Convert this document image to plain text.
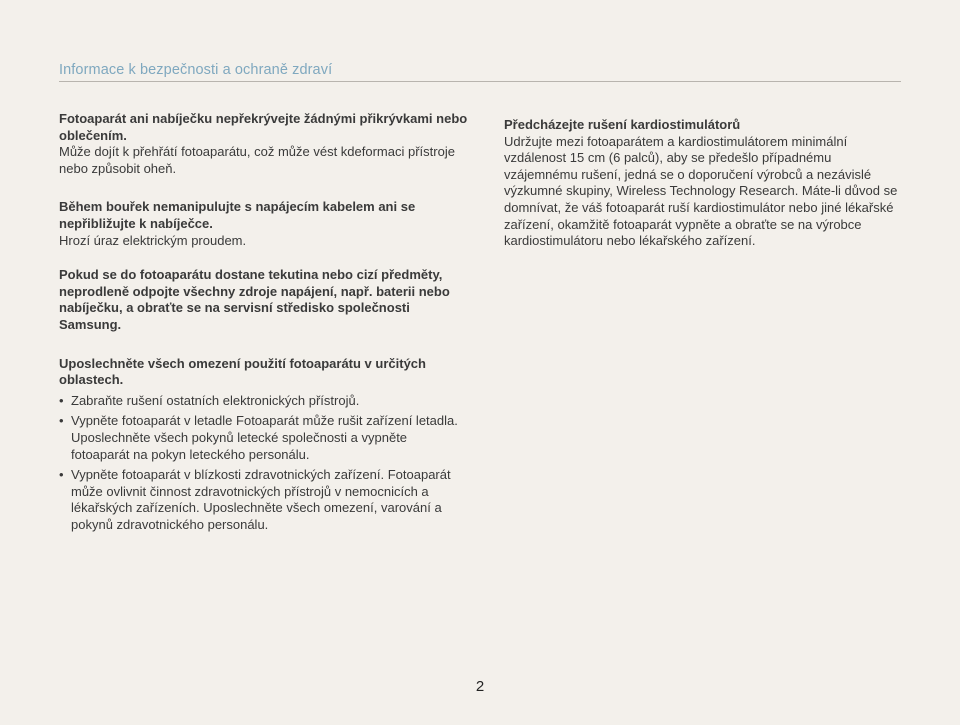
Informace k bezpečnosti a ochraně zdraví
Fotoaparát ani nabíječku nepřekrývejte žádnými přikrývkami nebo oblečením.
Může dojít k přehřátí fotoaparátu, což může vést kdeformaci přístroje nebo způsobit oheň.
Během bouřek nemanipulujte s napájecím kabelem ani se nepřibližujte k nabíječce.
Hrozí úraz elektrickým proudem.
Pokud se do fotoaparátu dostane tekutina nebo cizí předměty, neprodleně odpojte všechny zdroje napájení, např. baterii nebo nabíječku, a obraťte se na servisní středisko společnosti Samsung.
Uposlechněte všech omezení použití fotoaparátu v určitých oblastech.
• Zabraňte rušení ostatních elektronických přístrojů.
• Vypněte fotoaparát v letadle Fotoaparát může rušit zařízení letadla. Uposlechněte všech pokynů letecké společnosti a vypněte fotoaparát na pokyn leteckého personálu.
• Vypněte fotoaparát v blízkosti zdravotnických zařízení. Fotoaparát může ovlivnit činnost zdravotnických přístrojů v nemocnicích a lékařských zařízeních. Uposlechněte všech omezení, varování a pokynů zdravotnického personálu.
Předcházejte rušení kardiostimulátorů
Udržujte mezi fotoaparátem a kardiostimulátorem minimální vzdálenost 15 cm (6 palců), aby se předešlo případnému vzájemnému rušení, jedná se o doporučení výrobců a nezávislé výzkumné skupiny, Wireless Technology Research. Máte-li důvod se domnívat, že váš fotoaparát ruší kardiostimulátor nebo jiné lékařské zařízení, okamžitě fotoaparát vypněte a obraťte se na výrobce kardiostimulátoru nebo lékařského zařízení.
2
